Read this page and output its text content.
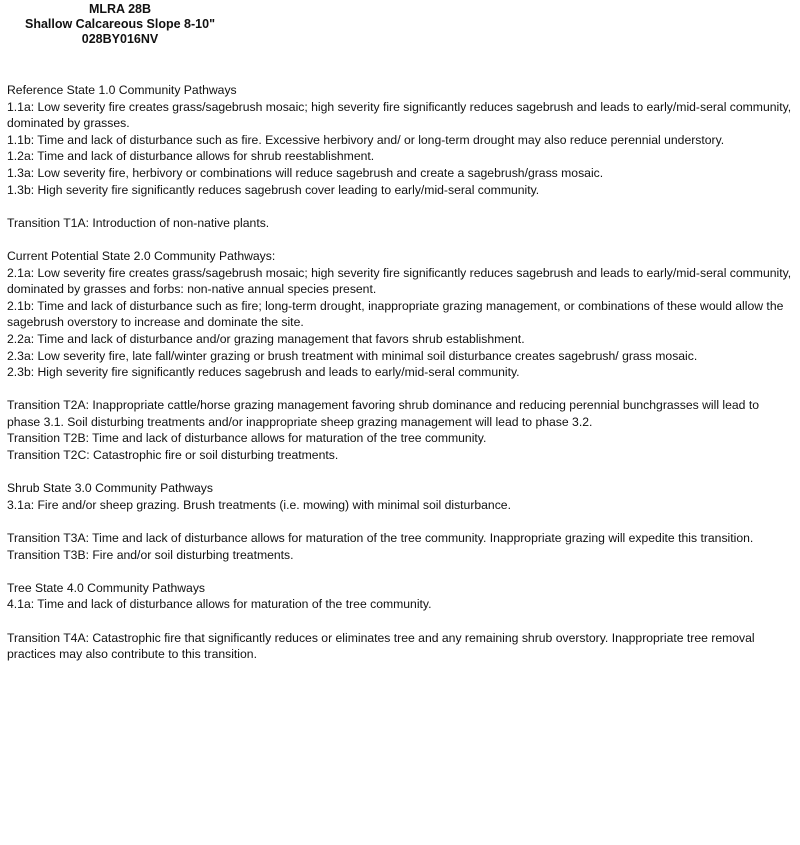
MLRA 28B
Shallow Calcareous Slope 8-10"
028BY016NV
Reference State 1.0 Community Pathways
1.1a: Low severity fire creates grass/sagebrush mosaic; high severity fire significantly reduces sagebrush and leads to early/mid-seral community, dominated by grasses.
1.1b: Time and lack of disturbance such as fire. Excessive herbivory and/ or long-term drought may also reduce perennial understory.
1.2a: Time and lack of disturbance allows for shrub reestablishment.
1.3a: Low severity fire, herbivory or combinations will reduce sagebrush and create a sagebrush/grass mosaic.
1.3b: High severity fire significantly reduces sagebrush cover leading to early/mid-seral community.
Transition T1A: Introduction of non-native plants.
Current Potential State 2.0 Community Pathways:
2.1a: Low severity fire creates grass/sagebrush mosaic; high severity fire significantly reduces sagebrush and leads to early/mid-seral community, dominated by grasses and forbs: non-native annual species present.
2.1b: Time and lack of disturbance such as fire; long-term drought, inappropriate grazing management, or combinations of these would allow the sagebrush overstory to increase and dominate the site.
2.2a: Time and lack of disturbance and/or grazing management that favors shrub establishment.
2.3a: Low severity fire, late fall/winter grazing or brush treatment with minimal soil disturbance creates sagebrush/ grass mosaic.
2.3b: High severity fire significantly reduces sagebrush and leads to early/mid-seral community.
Transition T2A: Inappropriate cattle/horse grazing management favoring shrub dominance and reducing perennial bunchgrasses will lead to phase 3.1. Soil disturbing treatments and/or inappropriate sheep grazing management will lead to phase 3.2.
Transition T2B: Time and lack of disturbance allows for maturation of the tree community.
Transition T2C: Catastrophic fire or soil disturbing treatments.
Shrub State 3.0 Community Pathways
3.1a: Fire and/or sheep grazing. Brush treatments (i.e. mowing) with minimal soil disturbance.
Transition T3A: Time and lack of disturbance allows for maturation of the tree community. Inappropriate grazing will expedite this transition.
Transition T3B: Fire and/or soil disturbing treatments.
Tree State 4.0 Community Pathways
4.1a: Time and lack of disturbance allows for maturation of the tree community.
Transition T4A: Catastrophic fire that significantly reduces or eliminates tree and any remaining shrub overstory. Inappropriate tree removal practices may also contribute to this transition.
